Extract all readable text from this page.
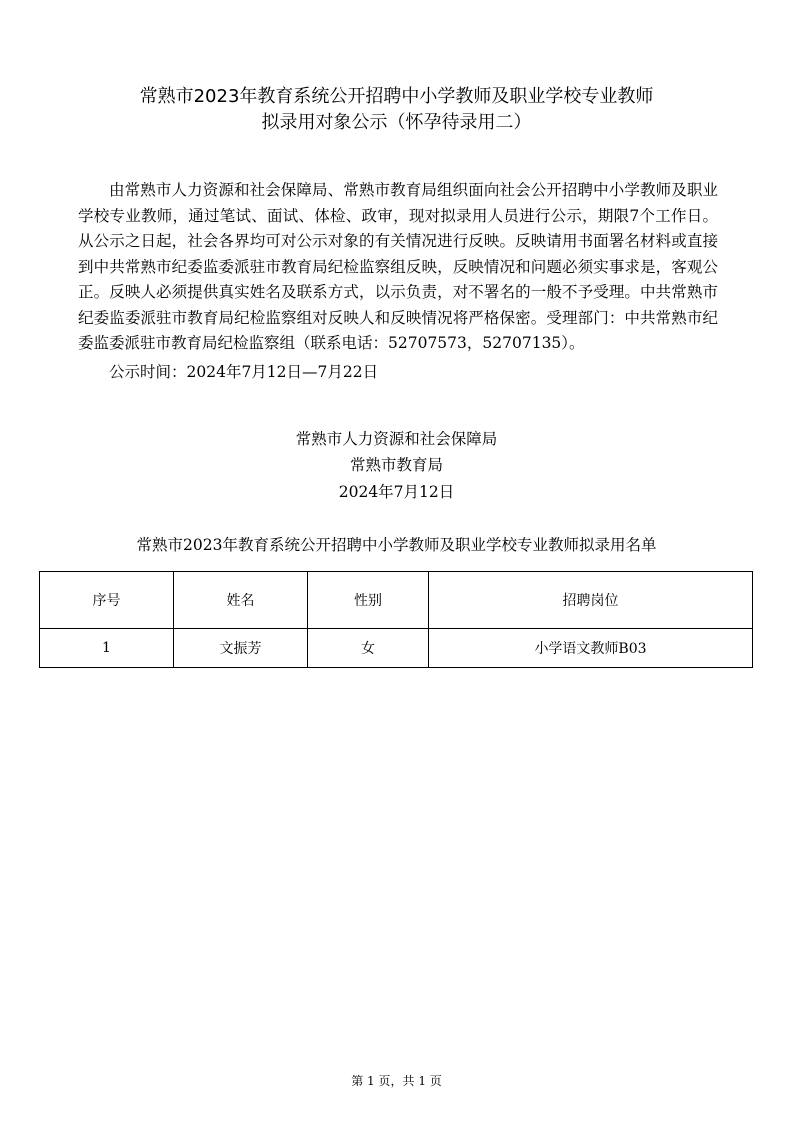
常熟市2023年教育系统公开招聘中小学教师及职业学校专业教师
拟录用对象公示（怀孕待录用二）

由常熟市人力资源和社会保障局、常熟市教育局组织面向社会公开招聘中小学教师及职业学校专业教师，通过笔试、面试、体检、政审，现对拟录用人员进行公示，期限7个工作日。从公示之日起，社会各界均可对公示对象的有关情况进行反映。反映请用书面署名材料或直接到中共常熟市纪委监委派驻市教育局纪检监察组反映，反映情况和问题必须实事求是，客观公正。反映人必须提供真实姓名及联系方式，以示负责，对不署名的一般不予受理。中共常熟市纪委监委派驻市教育局纪检监察组对反映人和反映情况将严格保密。受理部门：中共常熟市纪委监委派驻市教育局纪检监察组（联系电话：52707573，52707135）。

公示时间：2024年7月12日—7月22日
常熟市人力资源和社会保障局
常熟市教育局
2024年7月12日
常熟市2023年教育系统公开招聘中小学教师及职业学校专业教师拟录用名单
序号	姓名	性别	招聘岗位
1	文振芳	女	小学语文教师B03
第 1 页，共 1 页
